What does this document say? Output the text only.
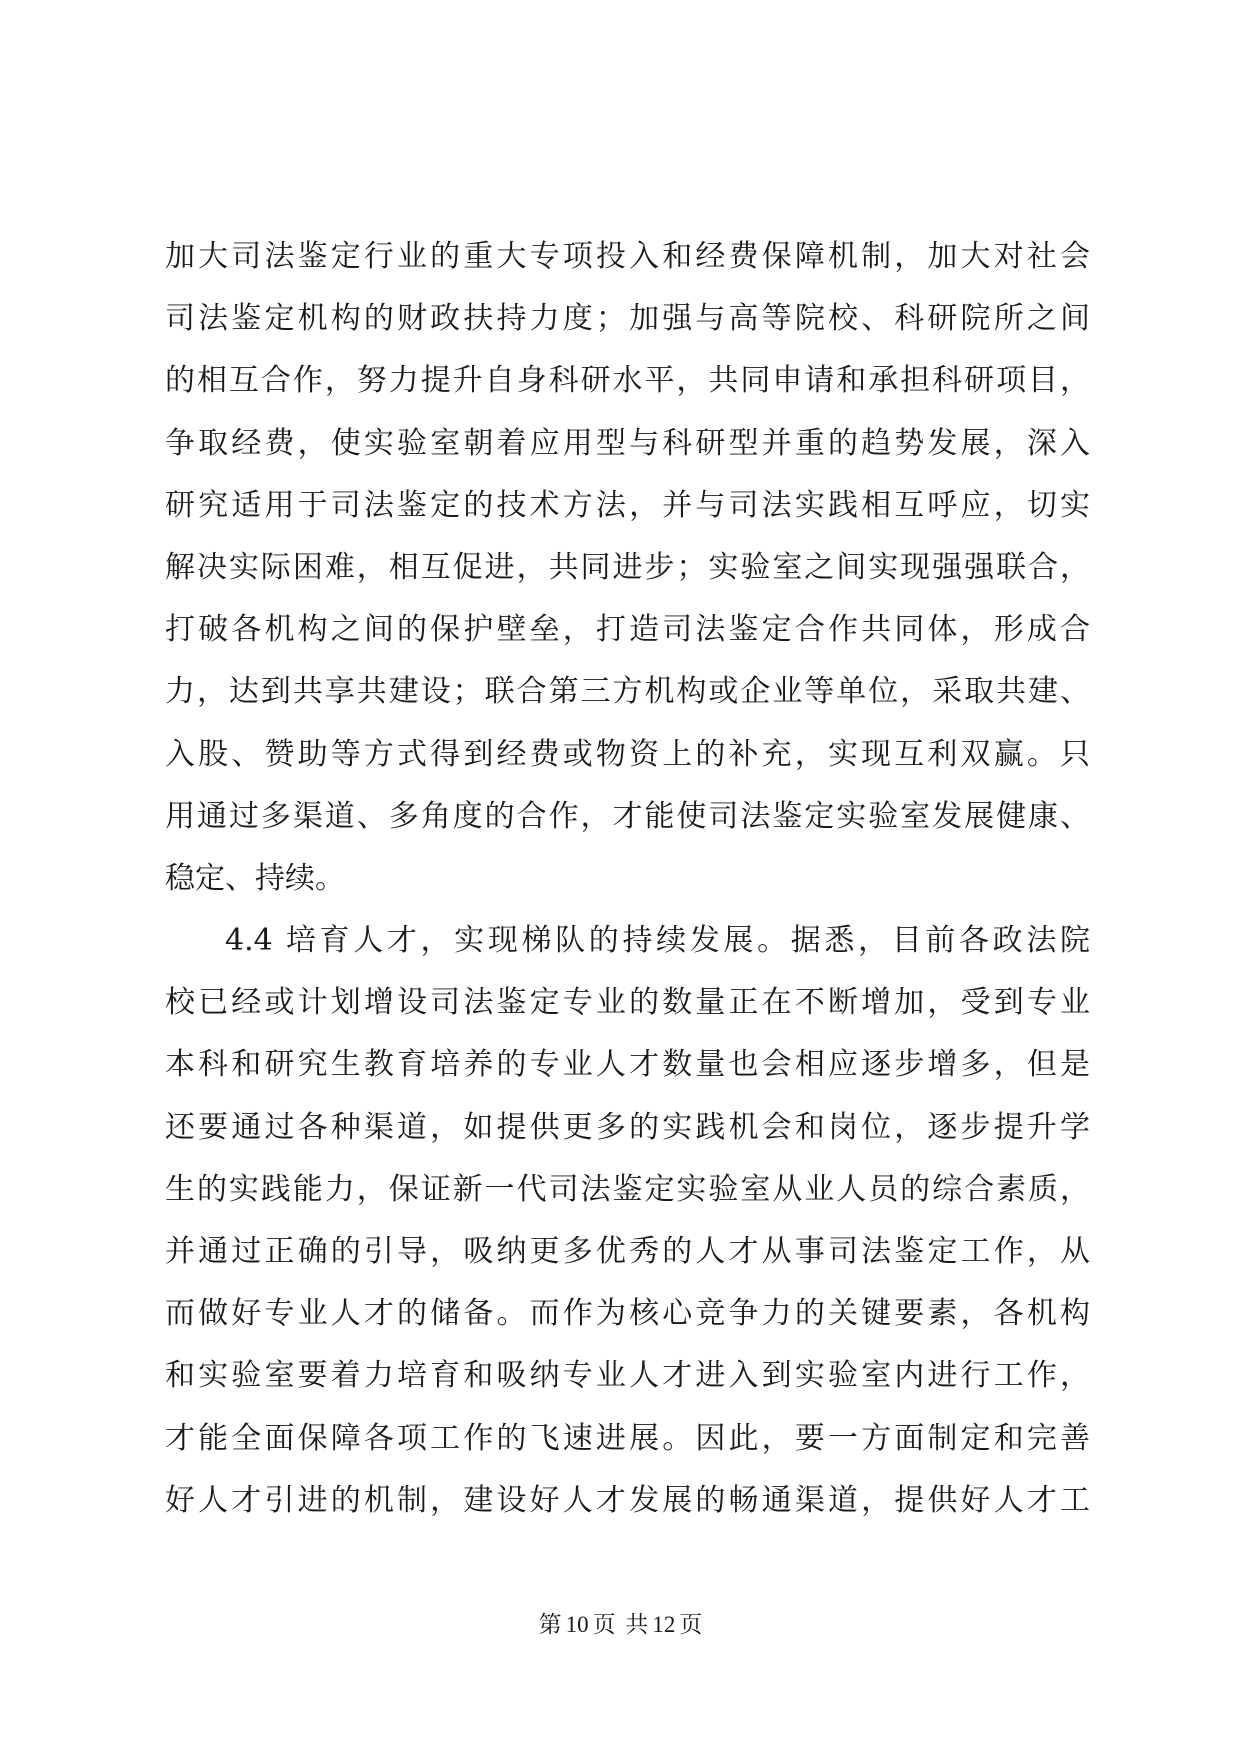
加大司法鉴定行业的重大专项投入和经费保障机制，加大对社会
司法鉴定机构的财政扶持力度；加强与高等院校、科研院所之间
的相互合作，努力提升自身科研水平，共同申请和承担科研项目，
争取经费，使实验室朝着应用型与科研型并重的趋势发展，深入
研究适用于司法鉴定的技术方法，并与司法实践相互呼应，切实
解决实际困难，相互促进，共同进步；实验室之间实现强强联合，
打破各机构之间的保护壁垒，打造司法鉴定合作共同体，形成合
力，达到共享共建设；联合第三方机构或企业等单位，采取共建、
入股、赞助等方式得到经费或物资上的补充，实现互利双赢。只
用通过多渠道、多角度的合作，才能使司法鉴定实验室发展健康、
稳定、持续。
4.4 培育人才，实现梯队的持续发展。据悉，目前各政法院
校已经或计划增设司法鉴定专业的数量正在不断增加，受到专业
本科和研究生教育培养的专业人才数量也会相应逐步增多，但是
还要通过各种渠道，如提供更多的实践机会和岗位，逐步提升学
生的实践能力，保证新一代司法鉴定实验室从业人员的综合素质，
并通过正确的引导，吸纳更多优秀的人才从事司法鉴定工作，从
而做好专业人才的储备。而作为核心竞争力的关键要素，各机构
和实验室要着力培育和吸纳专业人才进入到实验室内进行工作，
才能全面保障各项工作的飞速进展。因此，要一方面制定和完善
好人才引进的机制，建设好人才发展的畅通渠道，提供好人才工
第 10 页 共 12 页
